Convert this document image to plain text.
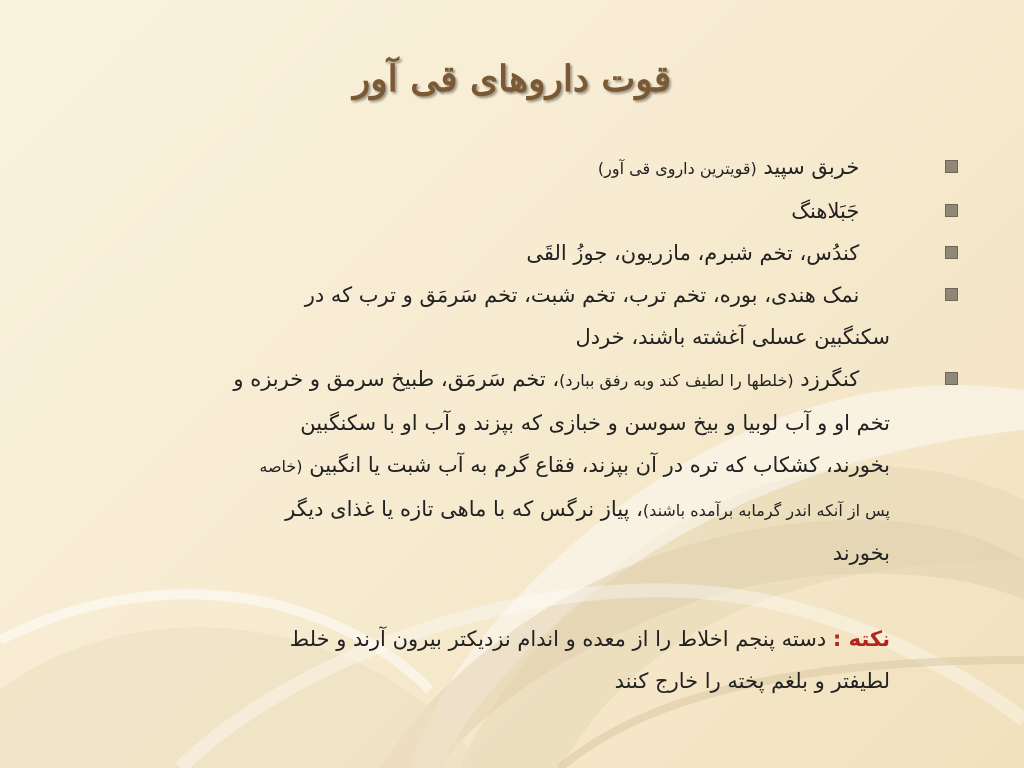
قوت داروهای قی آور
خربق سپید (قویترین داروی قی آور)
جَبَلاهنگ
کندُس، تخم شبرم، مازریون، جوزُ القَی
نمک هندی، بوره، تخم ترب، تخم شبت، تخم سَرمَق و ترب که در سکنگبین عسلی آغشته باشند، خردل
کنگرزد (خلطها را لطیف کند وبه رفق ببارد)، تخم سَرمَق، طبیخ سرمق و خربزه و تخم او و آب لوبیا و بیخ سوسن و خبازی که بپزند و آب او با سکنگبین بخورند، کشکاب که تره در آن بپزند، فقاع گرم به آب شبت یا انگبین (خاصه پس از آنکه اندر گرمابه برآمده باشند)، پیاز نرگس که با ماهی تازه یا غذای دیگر بخورند
نکته : دسته پنجم اخلاط را از معده و اندام نزدیکتر بیرون آرند و خلط لطیفتر و بلغم پخته را خارج کنند
